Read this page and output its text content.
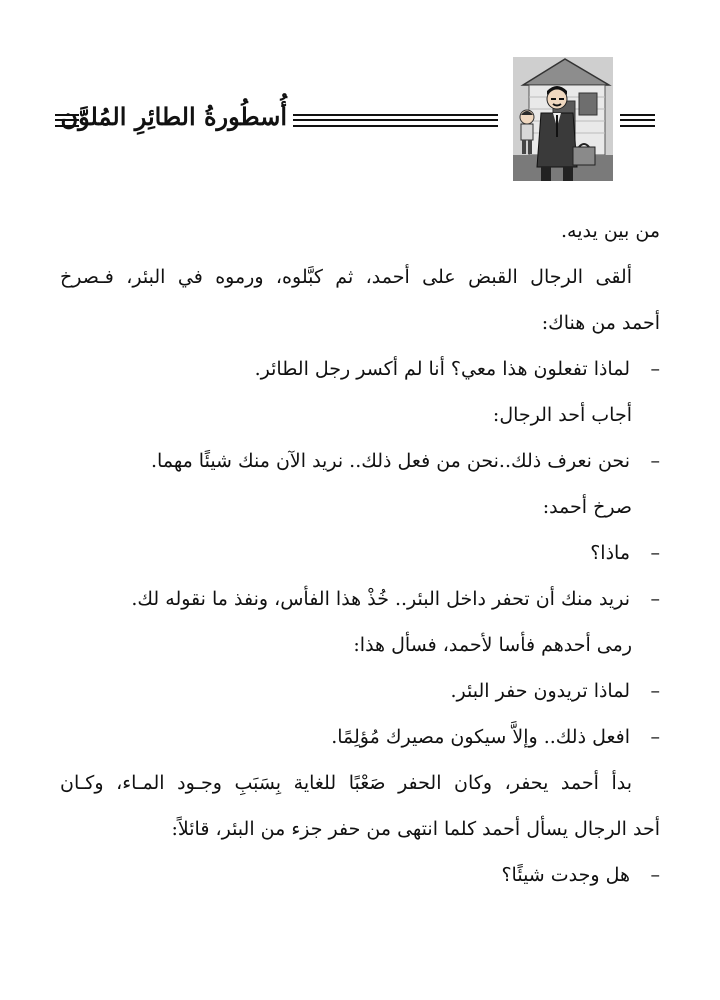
أُسطُورةُ الطائِرِ المُلوَّن
من بين يديه.
ألقى الرجال القبض على أحمد، ثم كبَّلوه، ورموه في البئر، فـصرخ
أحمد من هناك:
–لماذا تفعلون هذا معي؟ أنا لم أكسر رجل الطائر.
أجاب أحد الرجال:
–نحن نعرف ذلك..نحن من فعل ذلك.. نريد الآن منك شيئًا مهما.
صرخ أحمد:
–ماذا؟
–نريد منك أن تحفر داخل البئر.. خُذْ هذا الفأس، ونفذ ما نقوله لك.
رمى أحدهم فأسا لأحمد، فسأل هذا:
–لماذا تريدون حفر البئر.
–افعل ذلك.. وإلاَّ سيكون مصيرك مُؤلِمًا.
بدأ أحمد يحفر، وكان الحفر صَعْبًا للغاية بِسَبَبِ وجـود المـاء، وكـان
أحد الرجال يسأل أحمد كلما انتهى من حفر جزء من البئر، قائلاً:
–هل وجدت شيئًا؟
